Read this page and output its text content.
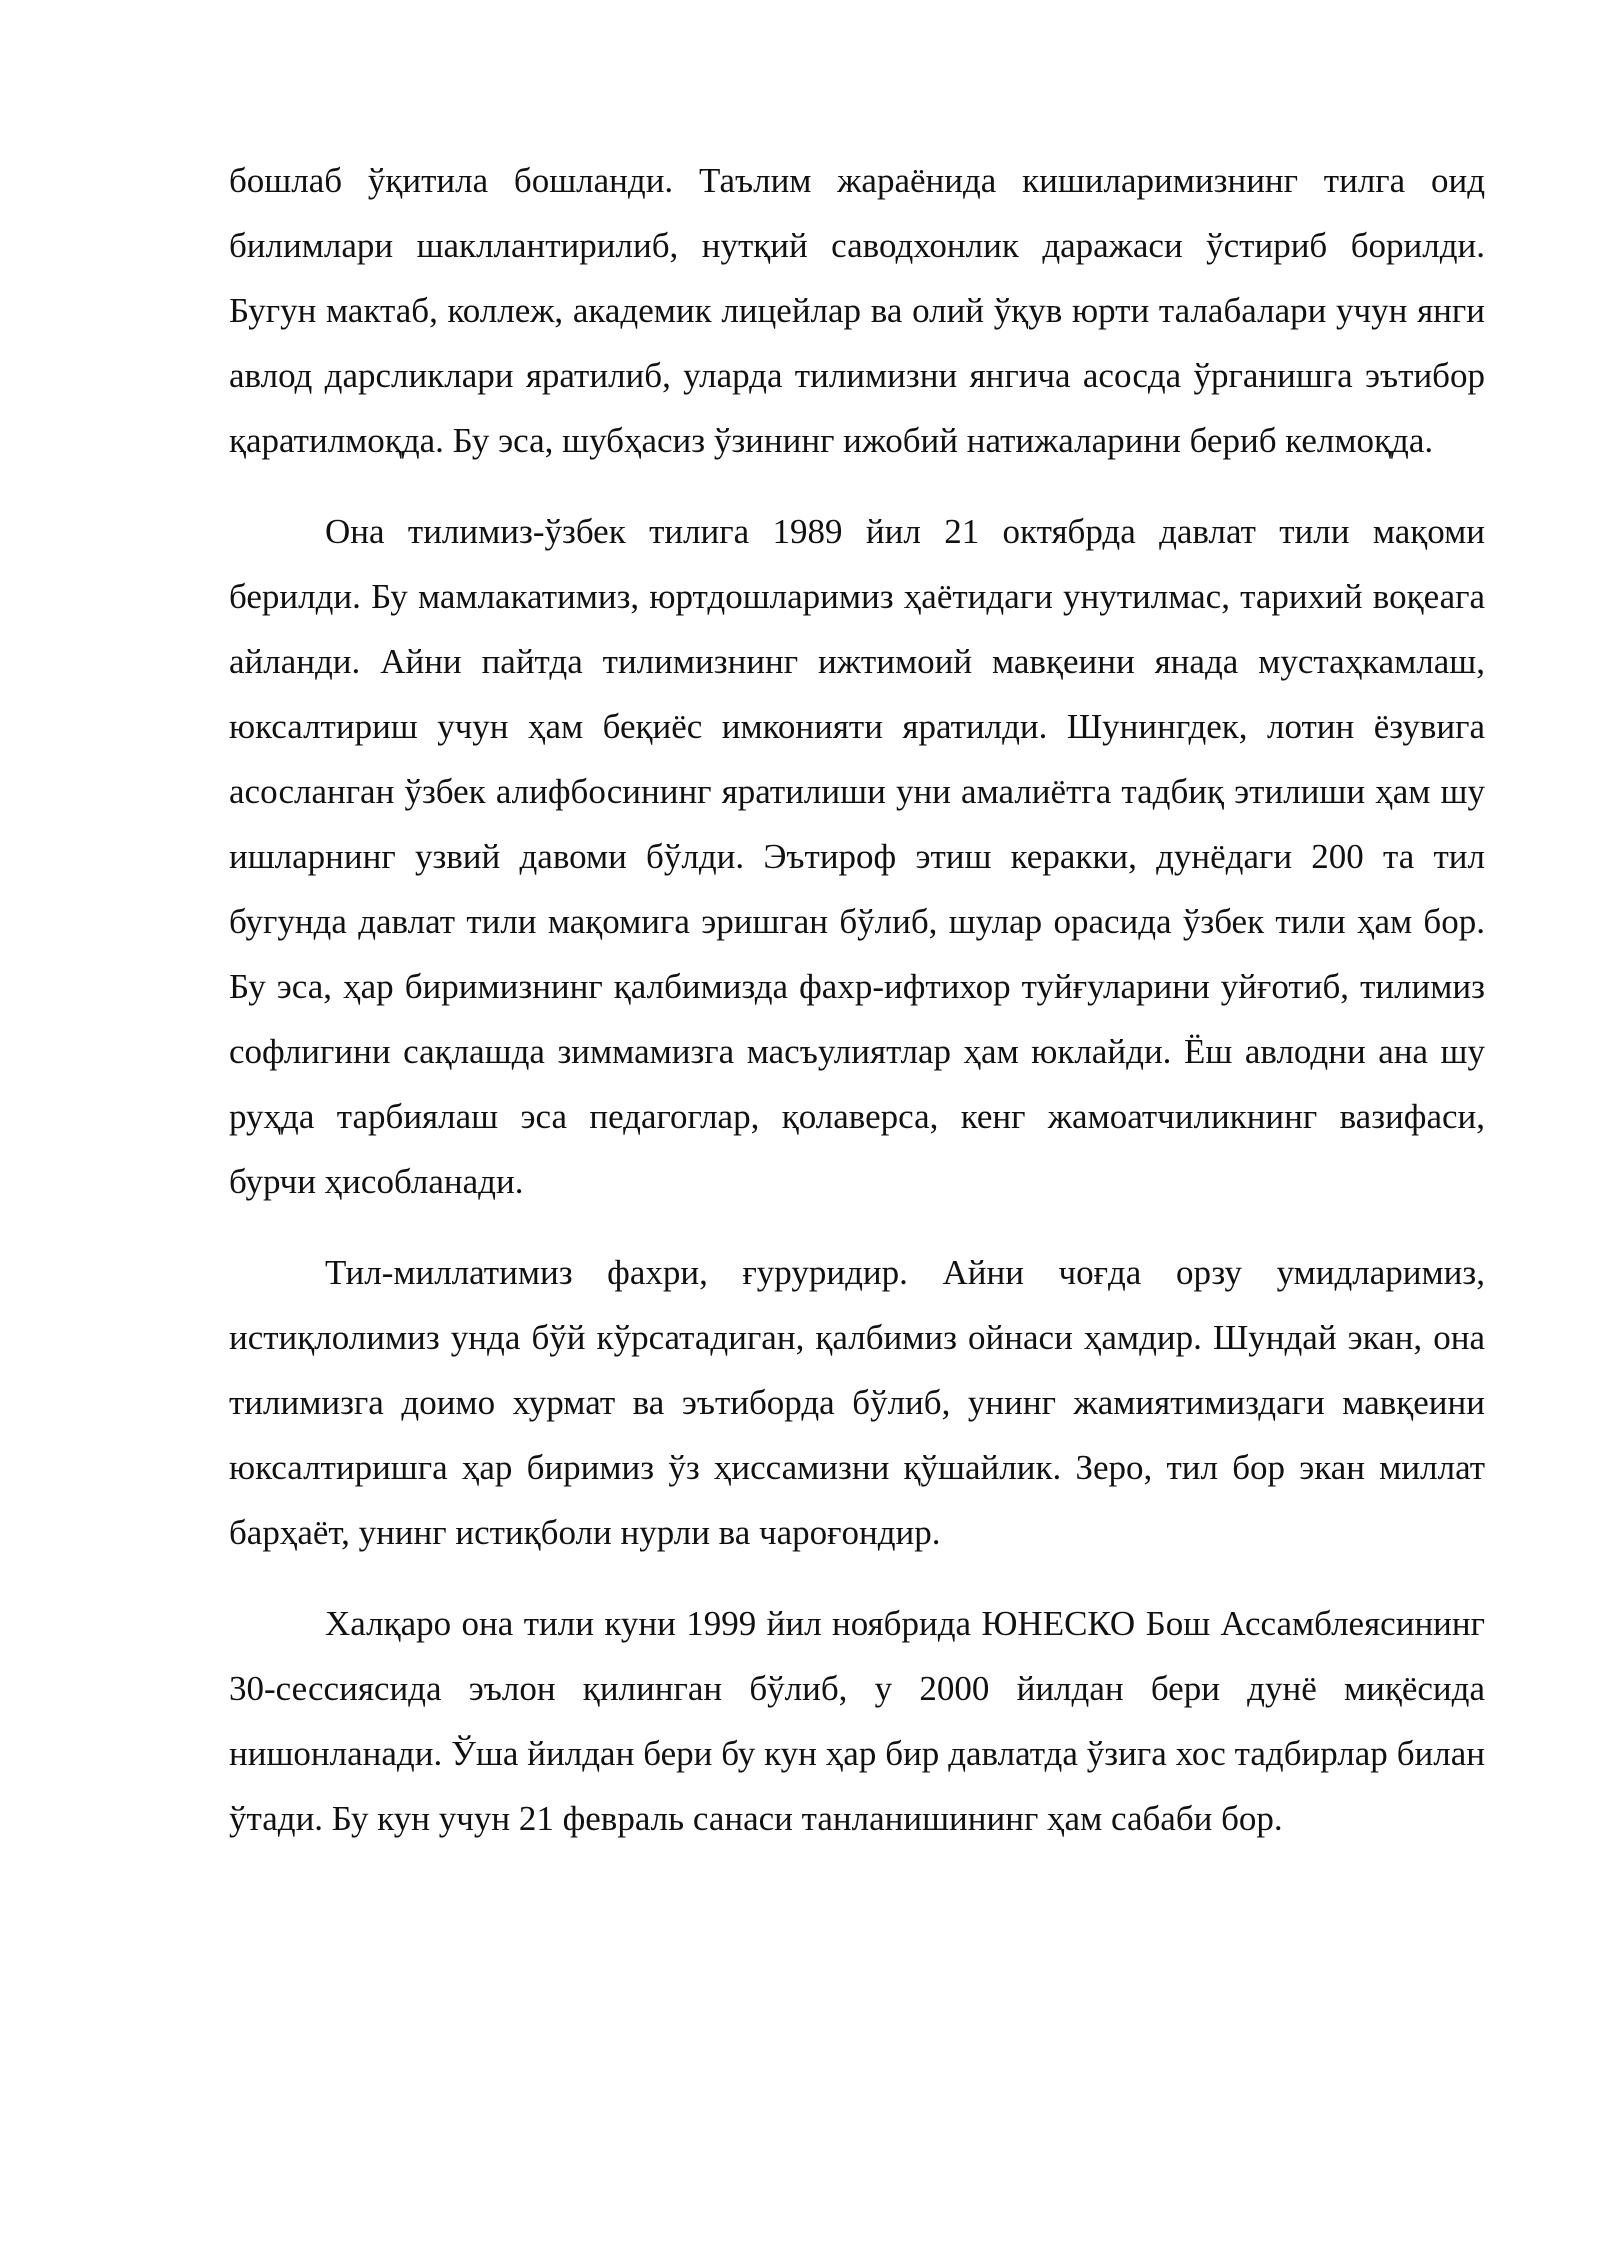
бошлаб ўқитила бошланди. Таълим жараёнида кишиларимизнинг тилга оид билимлари шакллантирилиб, нутқий саводхонлик даражаси ўстириб борилди. Бугун мактаб, коллеж, академик лицейлар ва олий ўқув юрти талабалари учун янги авлод дарсликлари яратилиб, уларда тилимизни янгича асосда ўрганишга эътибор қаратилмоқда. Бу эса, шубҳасиз ўзининг ижобий натижаларини бериб келмоқда.

Она тилимиз-ўзбек тилига 1989 йил 21 октябрда давлат тили мақоми берилди. Бу мамлакатимиз, юртдошларимиз ҳаётидаги унутилмас, тарихий воқеага айланди. Айни пайтда тилимизнинг ижтимоий мавқеини янада мустаҳкамлаш, юксалтириш учун ҳам беқиёс имконияти яратилди. Шунингдек, лотин ёзувига асосланган ўзбек алифбосининг яратилиши уни амалиётга тадбиқ этилиши ҳам шу ишларнинг узвий давоми бўлди. Эътироф этиш керакки, дунёдаги 200 та тил бугунда давлат тили мақомига эришган бўлиб, шулар орасида ўзбек тили ҳам бор. Бу эса, ҳар биримизнинг қалбимизда фахр-ифтихор туйғуларини уйғотиб, тилимиз софлигини сақлашда зиммамизга масъулиятлар ҳам юклайди. Ёш авлодни ана шу руҳда тарбиялаш эса педагоглар, қолаверса, кенг жамоатчиликнинг вазифаси, бурчи ҳисобланади.

Тил-миллатимиз фахри, ғуруридир. Айни чоғда орзу умидларимиз, истиқлолимиз унда бўй кўрсатадиган, қалбимиз ойнаси ҳамдир. Шундай экан, она тилимизга доимо хурмат ва эътиборда бўлиб, унинг жамиятимиздаги мавқеини юксалтиришга ҳар биримиз ўз ҳиссамизни қўшайлик. Зеро, тил бор экан миллат барҳаёт, унинг истиқболи нурли ва чароғондир.

Халқаро она тили куни 1999 йил ноябрида ЮНЕСКО Бош Ассамблеясининг 30-сессиясида эълон қилинган бўлиб, у 2000 йилдан бери дунё миқёсида нишонланади. Ўша йилдан бери бу кун ҳар бир давлатда ўзига хос тадбирлар билан ўтади. Бу кун учун 21 февраль санаси танланишининг ҳам сабаби бор.
